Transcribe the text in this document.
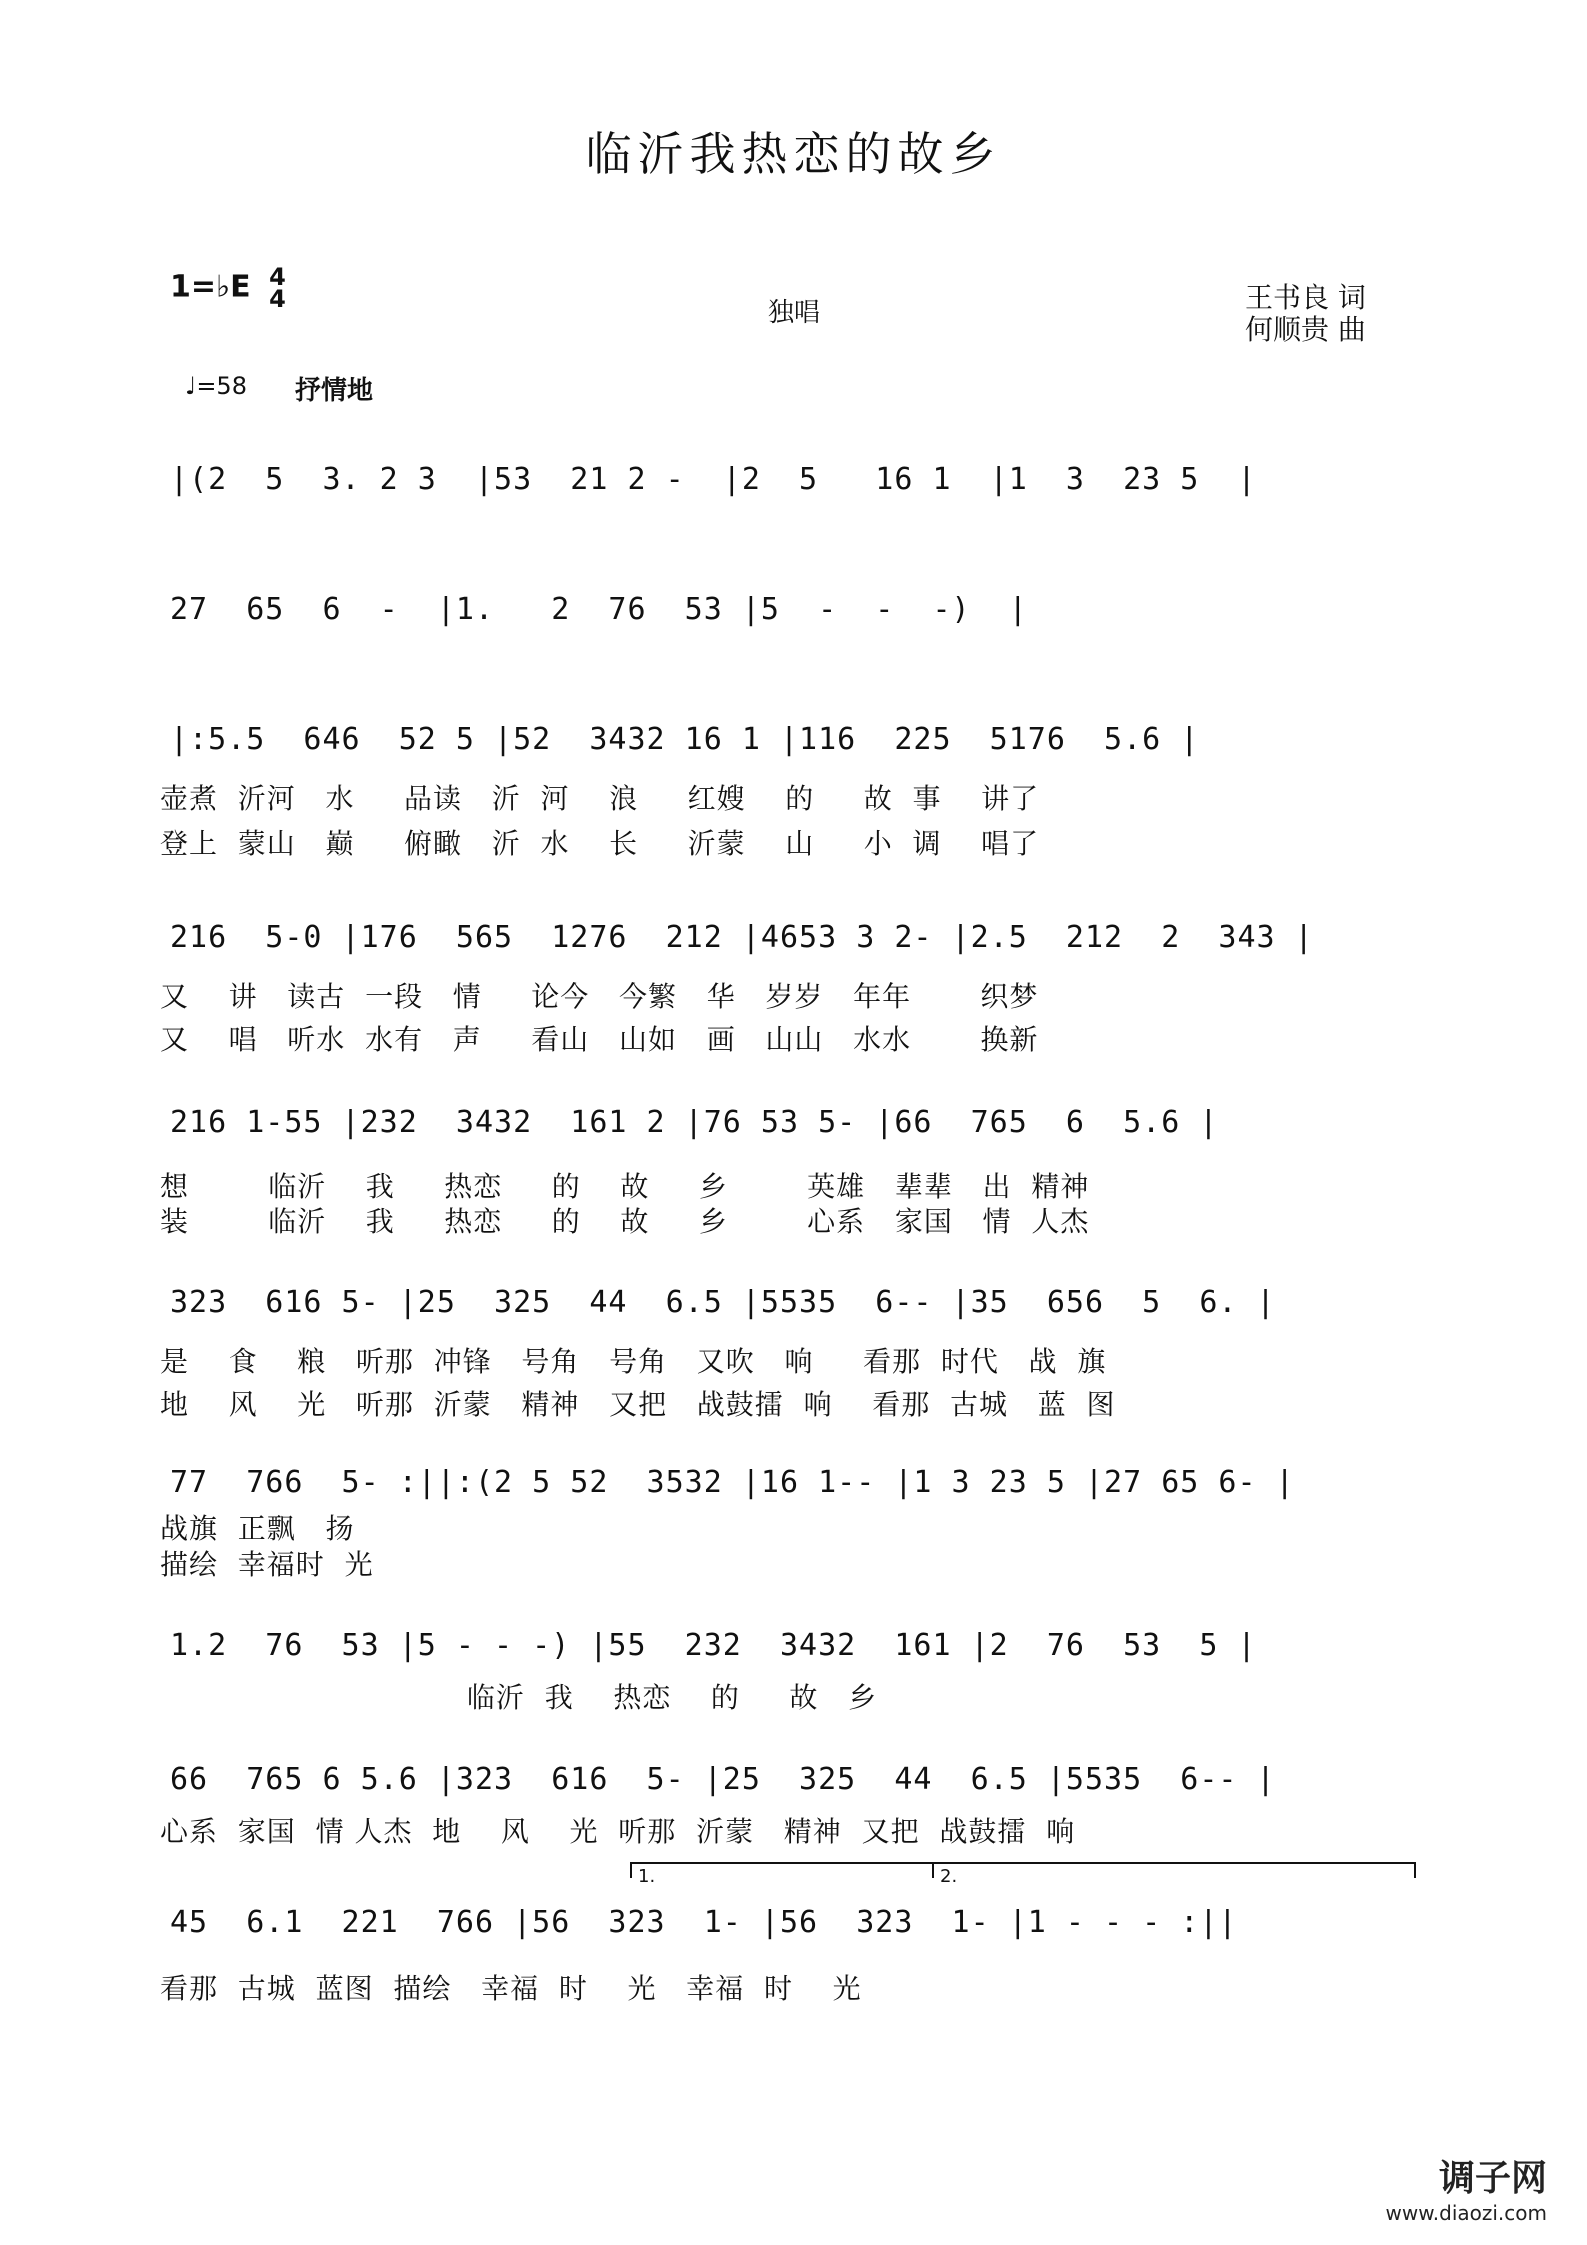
临沂我热恋的故乡
1=♭E 4
4	独唱	王书良 词
何顺贵 曲
♩=58 抒情地
|(2  5  3. 2 3  |53  21 2 -  |2  5   16 1  |1  3  23 5  |
27  65  6  -  |1.   2  76  53 |5  -  -  -)  |
|:5.5  646  52 5 |52  3432 16 1 |116  225  5176  5.6 |
壶煮  沂河   水     品读   沂  河    浪     红嫂    的     故  事    讲了
登上  蒙山   巅     俯瞰   沂  水    长     沂蒙    山     小  调    唱了
216  5-0 |176  565  1276  212 |4653 3 2- |2.5  212  2  343 |
又    讲   读古  一段   情     论今   今繁   华   岁岁   年年       织梦
又    唱   听水  水有   声     看山   山如   画   山山   水水       换新
216 1-55 |232  3432  161 2 |76 53 5- |66  765  6  5.6 |
想        临沂    我     热恋     的    故     乡        英雄   辈辈   出  精神
装        临沂    我     热恋     的    故     乡        心系   家国   情  人杰
323  616 5- |25  325  44  6.5 |5535  6-- |35  656  5  6. |
是    食    粮   听那  冲锋   号角   号角   又吹   响     看那  时代   战  旗
地    风    光   听那  沂蒙   精神   又把   战鼓擂  响    看那  古城   蓝  图
77  766  5- :||:(2 5 52  3532 |16 1-- |1 3 23 5 |27 65 6- |
战旗  正飘   扬
描绘  幸福时  光
1.2  76  53 |5 - - -) |55  232  3432  161 |2  76  53  5 |
临沂  我    热恋    的     故   乡
66  765 6 5.6 |323  616  5- |25  325  44  6.5 |5535  6-- |
心系  家国  情 人杰  地    风    光  听那  沂蒙   精神  又把  战鼓擂  响
1.	2.
45  6.1  221  766 |56  323  1- |56  323  1- |1 - - - :||
看那  古城  蓝图  描绘   幸福  时    光   幸福  时    光
调子网
www.diaozi.com
